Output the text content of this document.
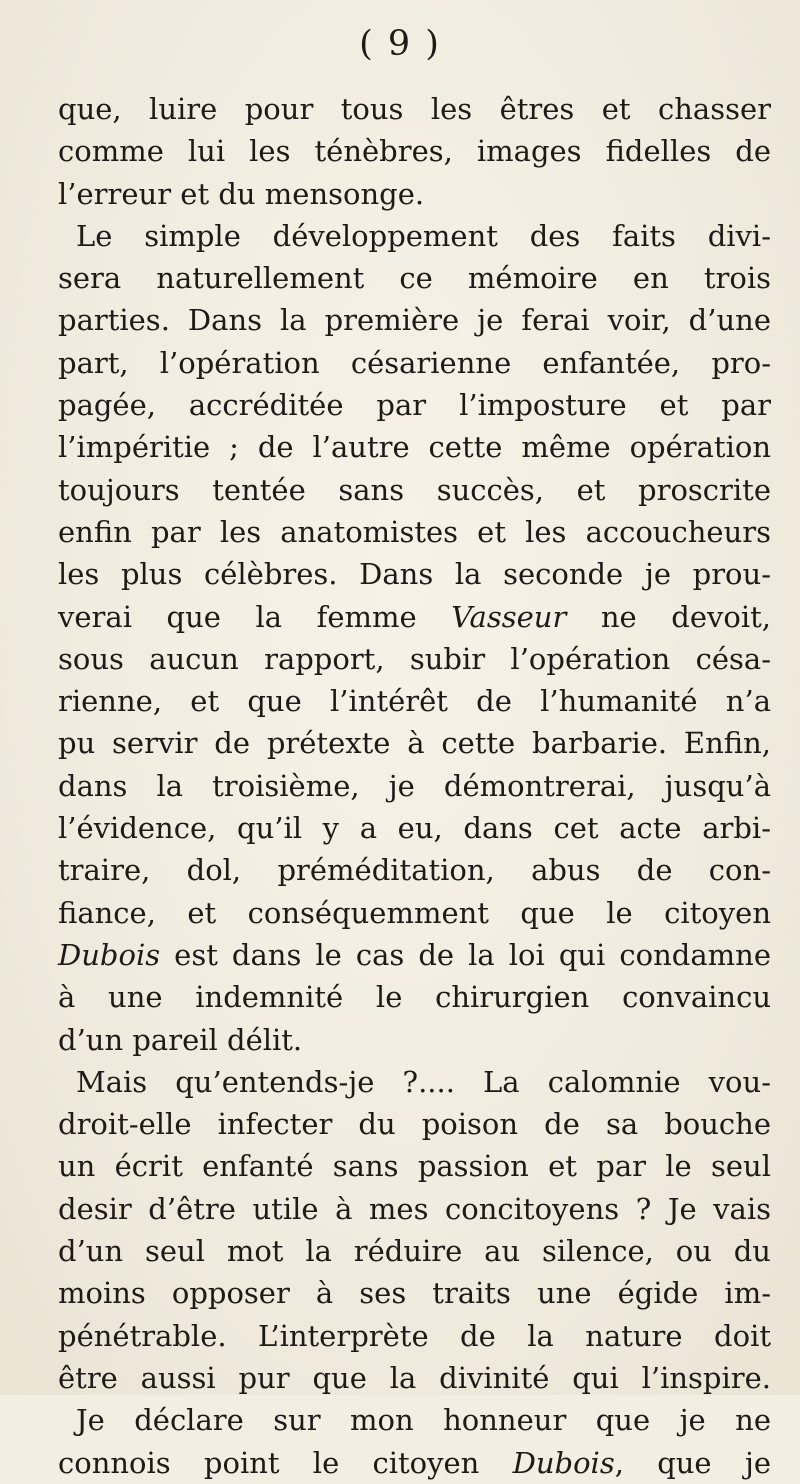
( 9 )
que, luire pour tous les êtres et chasser
comme lui les ténèbres, images fidelles de
l’erreur et du mensonge.
Le simple développement des faits divi-
sera naturellement ce mémoire en trois
parties. Dans la première je ferai voir, d’une
part, l’opération césarienne enfantée, pro-
pagée, accréditée par l’imposture et par
l’impéritie ; de l’autre cette même opération
toujours tentée sans succès, et proscrite
enfin par les anatomistes et les accoucheurs
les plus célèbres. Dans la seconde je prou-
verai que la femme Vasseur ne devoit,
sous aucun rapport, subir l’opération césa-
rienne, et que l’intérêt de l’humanité n’a
pu servir de prétexte à cette barbarie. Enfin,
dans la troisième, je démontrerai, jusqu’à
l’évidence, qu’il y a eu, dans cet acte arbi-
traire, dol, préméditation, abus de con-
fiance, et conséquemment que le citoyen
Dubois est dans le cas de la loi qui condamne
à une indemnité le chirurgien convaincu
d’un pareil délit.
Mais qu’entends-je ?.... La calomnie vou-
droit-elle infecter du poison de sa bouche
un écrit enfanté sans passion et par le seul
desir d’être utile à mes concitoyens ? Je vais
d’un seul mot la réduire au silence, ou du
moins opposer à ses traits une égide im-
pénétrable. L’interprète de la nature doit
être aussi pur que la divinité qui l’inspire.
Je déclare sur mon honneur que je ne
connois point le citoyen Dubois, que je
